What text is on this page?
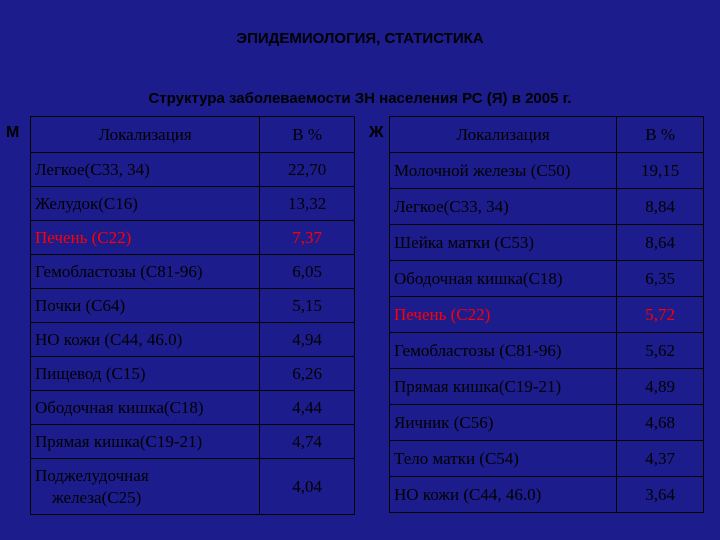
ЭПИДЕМИОЛОГИЯ, СТАТИСТИКА
Структура заболеваемости ЗН населения РС (Я) в 2005 г.
М	Ж
Локализация	В %
Легкое(С33, 34)	22,70
Желудок(С16)	13,32
Печень (С22)	7,37
Гемобластозы (С81-96)	6,05
Почки (С64)	5,15
НО кожи (С44, 46.0)	4,94
Пищевод (С15)	6,26
Ободочная кишка(С18)	4,44
Прямая кишка(С19-21)	4,74
Поджелудочная
железа(С25)	4,04
Локализация	В %
Молочной железы (С50)	19,15
Легкое(С33, 34)	8,84
Шейка матки (С53)	8,64
Ободочная кишка(С18)	6,35
Печень (С22)	5,72
Гемобластозы (С81-96)	5,62
Прямая кишка(С19-21)	4,89
Яичник (С56)	4,68
Тело матки (С54)	4,37
НО кожи (С44, 46.0)	3,64
